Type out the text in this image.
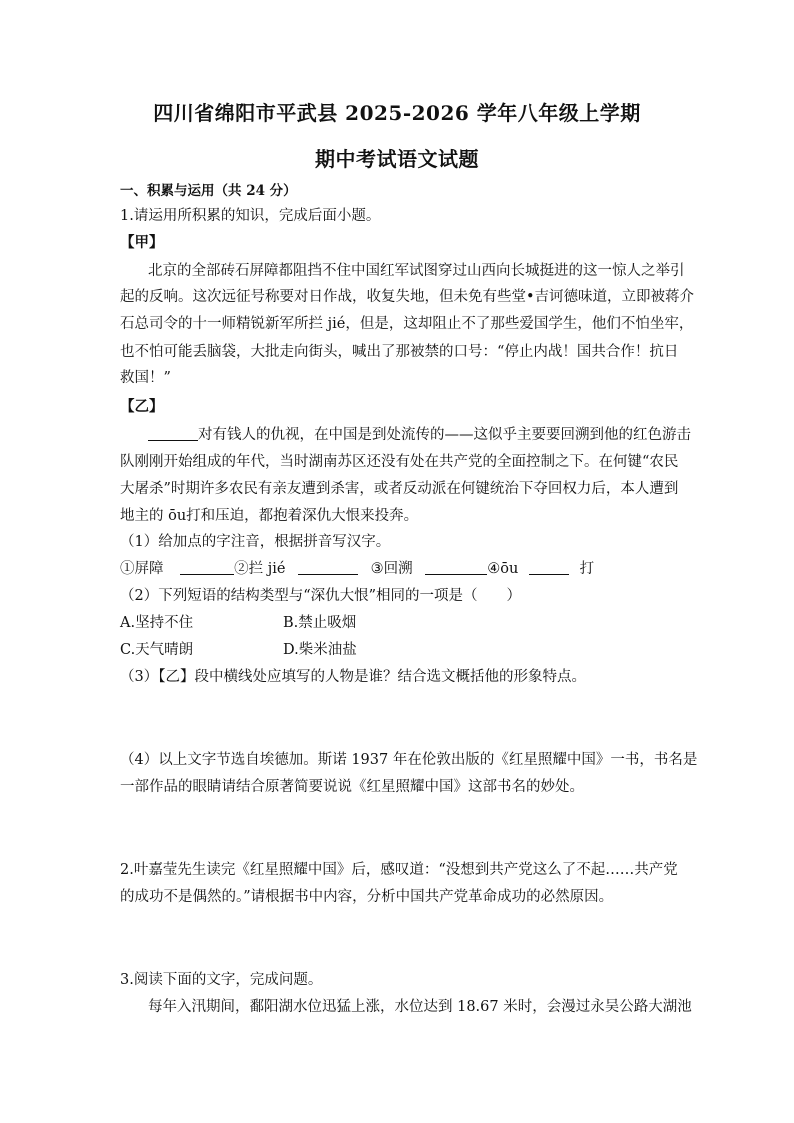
四川省绵阳市平武县 2025-2026 学年八年级上学期
期中考试语文试题
一、积累与运用（共 24 分）
1.请运用所积累的知识，完成后面小题。
【甲】
北京的全部砖石屏障都阻挡不住中国红军试图穿过山西向长城挺进的这一惊人之举引
起的反响。这次远征号称要对日作战，收复失地，但未免有些堂•吉诃德味道，立即被蒋介
石总司令的十一师精锐新军所拦 jié，但是，这却阻止不了那些爱国学生，他们不怕坐牢，
也不怕可能丢脑袋，大批走向街头，喊出了那被禁的口号：“停止内战！国共合作！抗日
救国！”
【乙】
对有钱人的仇视，在中国是到处流传的——这似乎主要要回溯到他的红色游击
队刚刚开始组成的年代，当时湖南苏区还没有处在共产党的全面控制之下。在何键“农民
大屠杀”时期许多农民有亲友遭到杀害，或者反动派在何键统治下夺回权力后，本人遭到
地主的 ōu打和压迫，都抱着深仇大恨来投奔。
（1）给加点的字注音，根据拼音写汉字。
①屏障	②拦 jié	③回溯	④ōu	打
（2）下列短语的结构类型与“深仇大恨”相同的一项是（　　）
A.坚持不住	B.禁止吸烟
C.天气晴朗	D.柴米油盐
（3）【乙】段中横线处应填写的人物是谁？结合选文概括他的形象特点。
（4）以上文字节选自埃德加。斯诺 1937 年在伦敦出版的《红星照耀中国》一书，书名是
一部作品的眼睛请结合原著简要说说《红星照耀中国》这部书名的妙处。
2.叶嘉莹先生读完《红星照耀中国》后，感叹道：“没想到共产党这么了不起……共产党
的成功不是偶然的。”请根据书中内容，分析中国共产党革命成功的必然原因。
3.阅读下面的文字，完成问题。
每年入汛期间，鄱阳湖水位迅猛上涨，水位达到 18.67 米时，会漫过永吴公路大湖池
